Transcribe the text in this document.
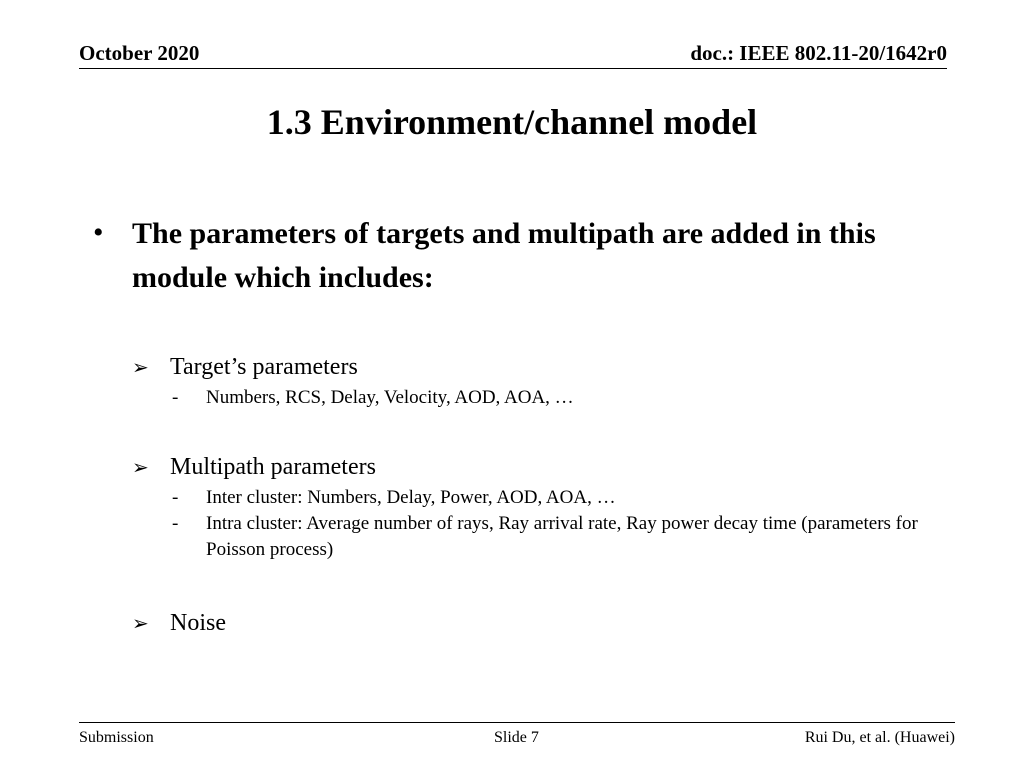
October 2020	doc.: IEEE 802.11-20/1642r0
1.3 Environment/channel model
• The parameters of targets and multipath are added in this module which includes:
➢ Target’s parameters
- Numbers, RCS, Delay, Velocity, AOD, AOA, …
➢ Multipath parameters
- Inter cluster: Numbers, Delay, Power, AOD, AOA, …
- Intra cluster: Average number of rays, Ray arrival rate, Ray power decay time (parameters for Poisson process)
➢ Noise
Submission	Slide 7	Rui Du, et al. (Huawei)
